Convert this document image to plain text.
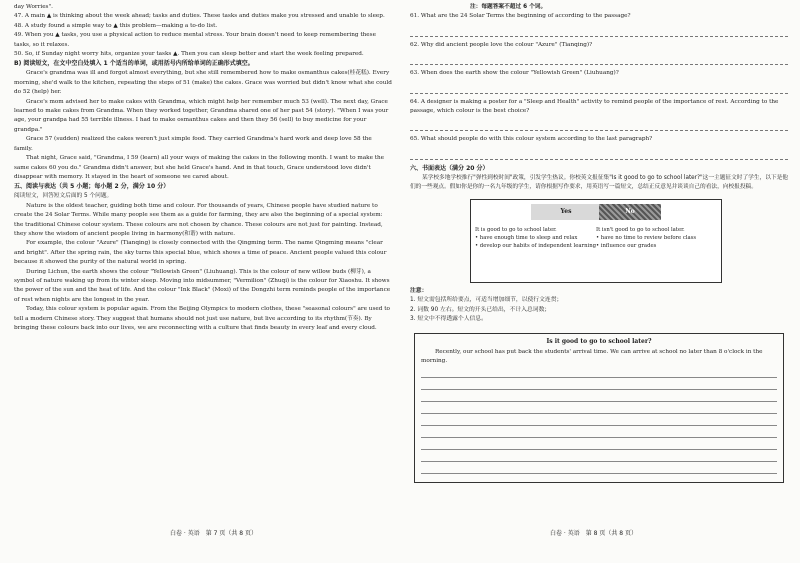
day Worries".

47. A main ▲ is thinking about the week ahead; tasks and duties. These tasks and duties make you stressed and unable to sleep.

48. A study found a simple way to ▲ this problem—making a to-do list.

49. When you ▲ tasks, you use a physical action to reduce mental stress. Your brain doesn't need to keep remembering these tasks, so it relaxes.

50. So, if Sunday night worry hits, organize your tasks ▲. Then you can sleep better and start the week feeling prepared.

B) 阅读短文，在文中空白处填入 1 个适当的单词，或用括号内所给单词的正确形式填空。

Grace's grandma was ill and forgot almost everything, but she still remembered how to make osmanthus cakes(桂花糕). Every morning, she'd walk to the kitchen, repeating the steps of 51 (make) the cakes. Grace was worried but didn't know what she could do 52 (help) her.

Grace's mom advised her to make cakes with Grandma, which might help her remember much 53 (well). The next day, Grace learned to make cakes from Grandma. When they worked together, Grandma shared one of her past 54 (story). "When I was your age, your grandpa had 55 terrible illness. I had to make osmanthus cakes and then they 56 (sell) to buy medicine for your grandpa."

Grace 57 (sudden) realized the cakes weren't just simple food. They carried Grandma's hard work and deep love 58 the family.

That night, Grace said, "Grandma, I 59 (learn) all your ways of making the cakes in the following month. I want to make the same cakes 60 you do." Grandma didn't answer, but she held Grace's hand. And in that touch, Grace understood love didn't disappear with memory. It stayed in the heart of someone we cared about.

五、阅读与表达（共 5 小题；每小题 2 分，满分 10 分）

阅读短文，回答短文后面的 5 个问题。

Nature is the oldest teacher, guiding both time and colour. For thousands of years, Chinese people have studied nature to create the 24 Solar Terms. While many people see them as a guide for farming, they are also the beginning of a special system: the traditional Chinese colour system. These colours are not chosen by chance. These colours are not just for painting. Instead, they show the wisdom of ancient people living in harmony(和谐) with nature.

For example, the colour "Azure" (Tianqing) is closely connected with the Qingming term. The name Qingming means "clear and bright". After the spring rain, the sky turns this special blue, which shows a time of peace. Ancient people valued this colour because it showed the purity of the natural world in spring.

During Lichun, the earth shows the colour "Yellowish Green" (Liuhuang). This is the colour of new willow buds (柳芽), a symbol of nature waking up from its winter sleep. Moving into midsummer, "Vermilion" (Zhuqi) is the colour for Xiaoshu. It shows the power of the sun and the heat of life. And the colour "Ink Black" (Moxi) of the Dongzhi term reminds people of the importance of rest when nights are the longest in the year.

Today, this colour system is popular again. From the Beijing Olympics to modern clothes, these "seasonal colours" are used to tell a modern Chinese story. They suggest that humans should not just use nature, but live according to its rhythm(节奏). By bringing these colours back into our lives, we are reconnecting with a culture that finds beauty in every leaf and every cloud.

白卷 · 英语　第 7 页（共 8 页）

注：每题答案不超过 6 个词。

61. What are the 24 Solar Terms the beginning of according to the passage?

62. Why did ancient people love the colour "Azure" (Tianqing)?

63. When does the earth show the colour "Yellowish Green" (Liuhuang)?

64. A designer is making a poster for a "Sleep and Health" activity to remind people of the importance of rest. According to the passage, which colour is the best choice?

65. What should people do with this colour system according to the last paragraph?

六、书面表达（满分 20 分）

某学校多地学校推行"弹性到校时间"政策，引发学生热议。你校英文报征集"Is it good to go to school later?"这一主题征文时了学生，以下是他们的一些观点。假如你是你的一名九年级的学生，请你根据写作要求，用英语写一篇短文，总结正反意见并谈谈自己的看法，向校报投稿。

Yes	No
It is good to go to school later.
• have enough time to sleep and relax
• develop our habits of independent learning
It isn't good to go to school later.
• have no time to review before class
• influence our grades
注意：
1. 短文需包括所给要点，可适当增加细节，以使行文连贯；
2. 词数 90 左右。短文的开头已给出，不计入总词数；
3. 短文中不得透露个人信息。

Is it good to go to school later?

Recently, our school has put back the students' arrival time. We can arrive at school no later than 8 o'clock in the morning.

白卷 · 英语　第 8 页（共 8 页）
